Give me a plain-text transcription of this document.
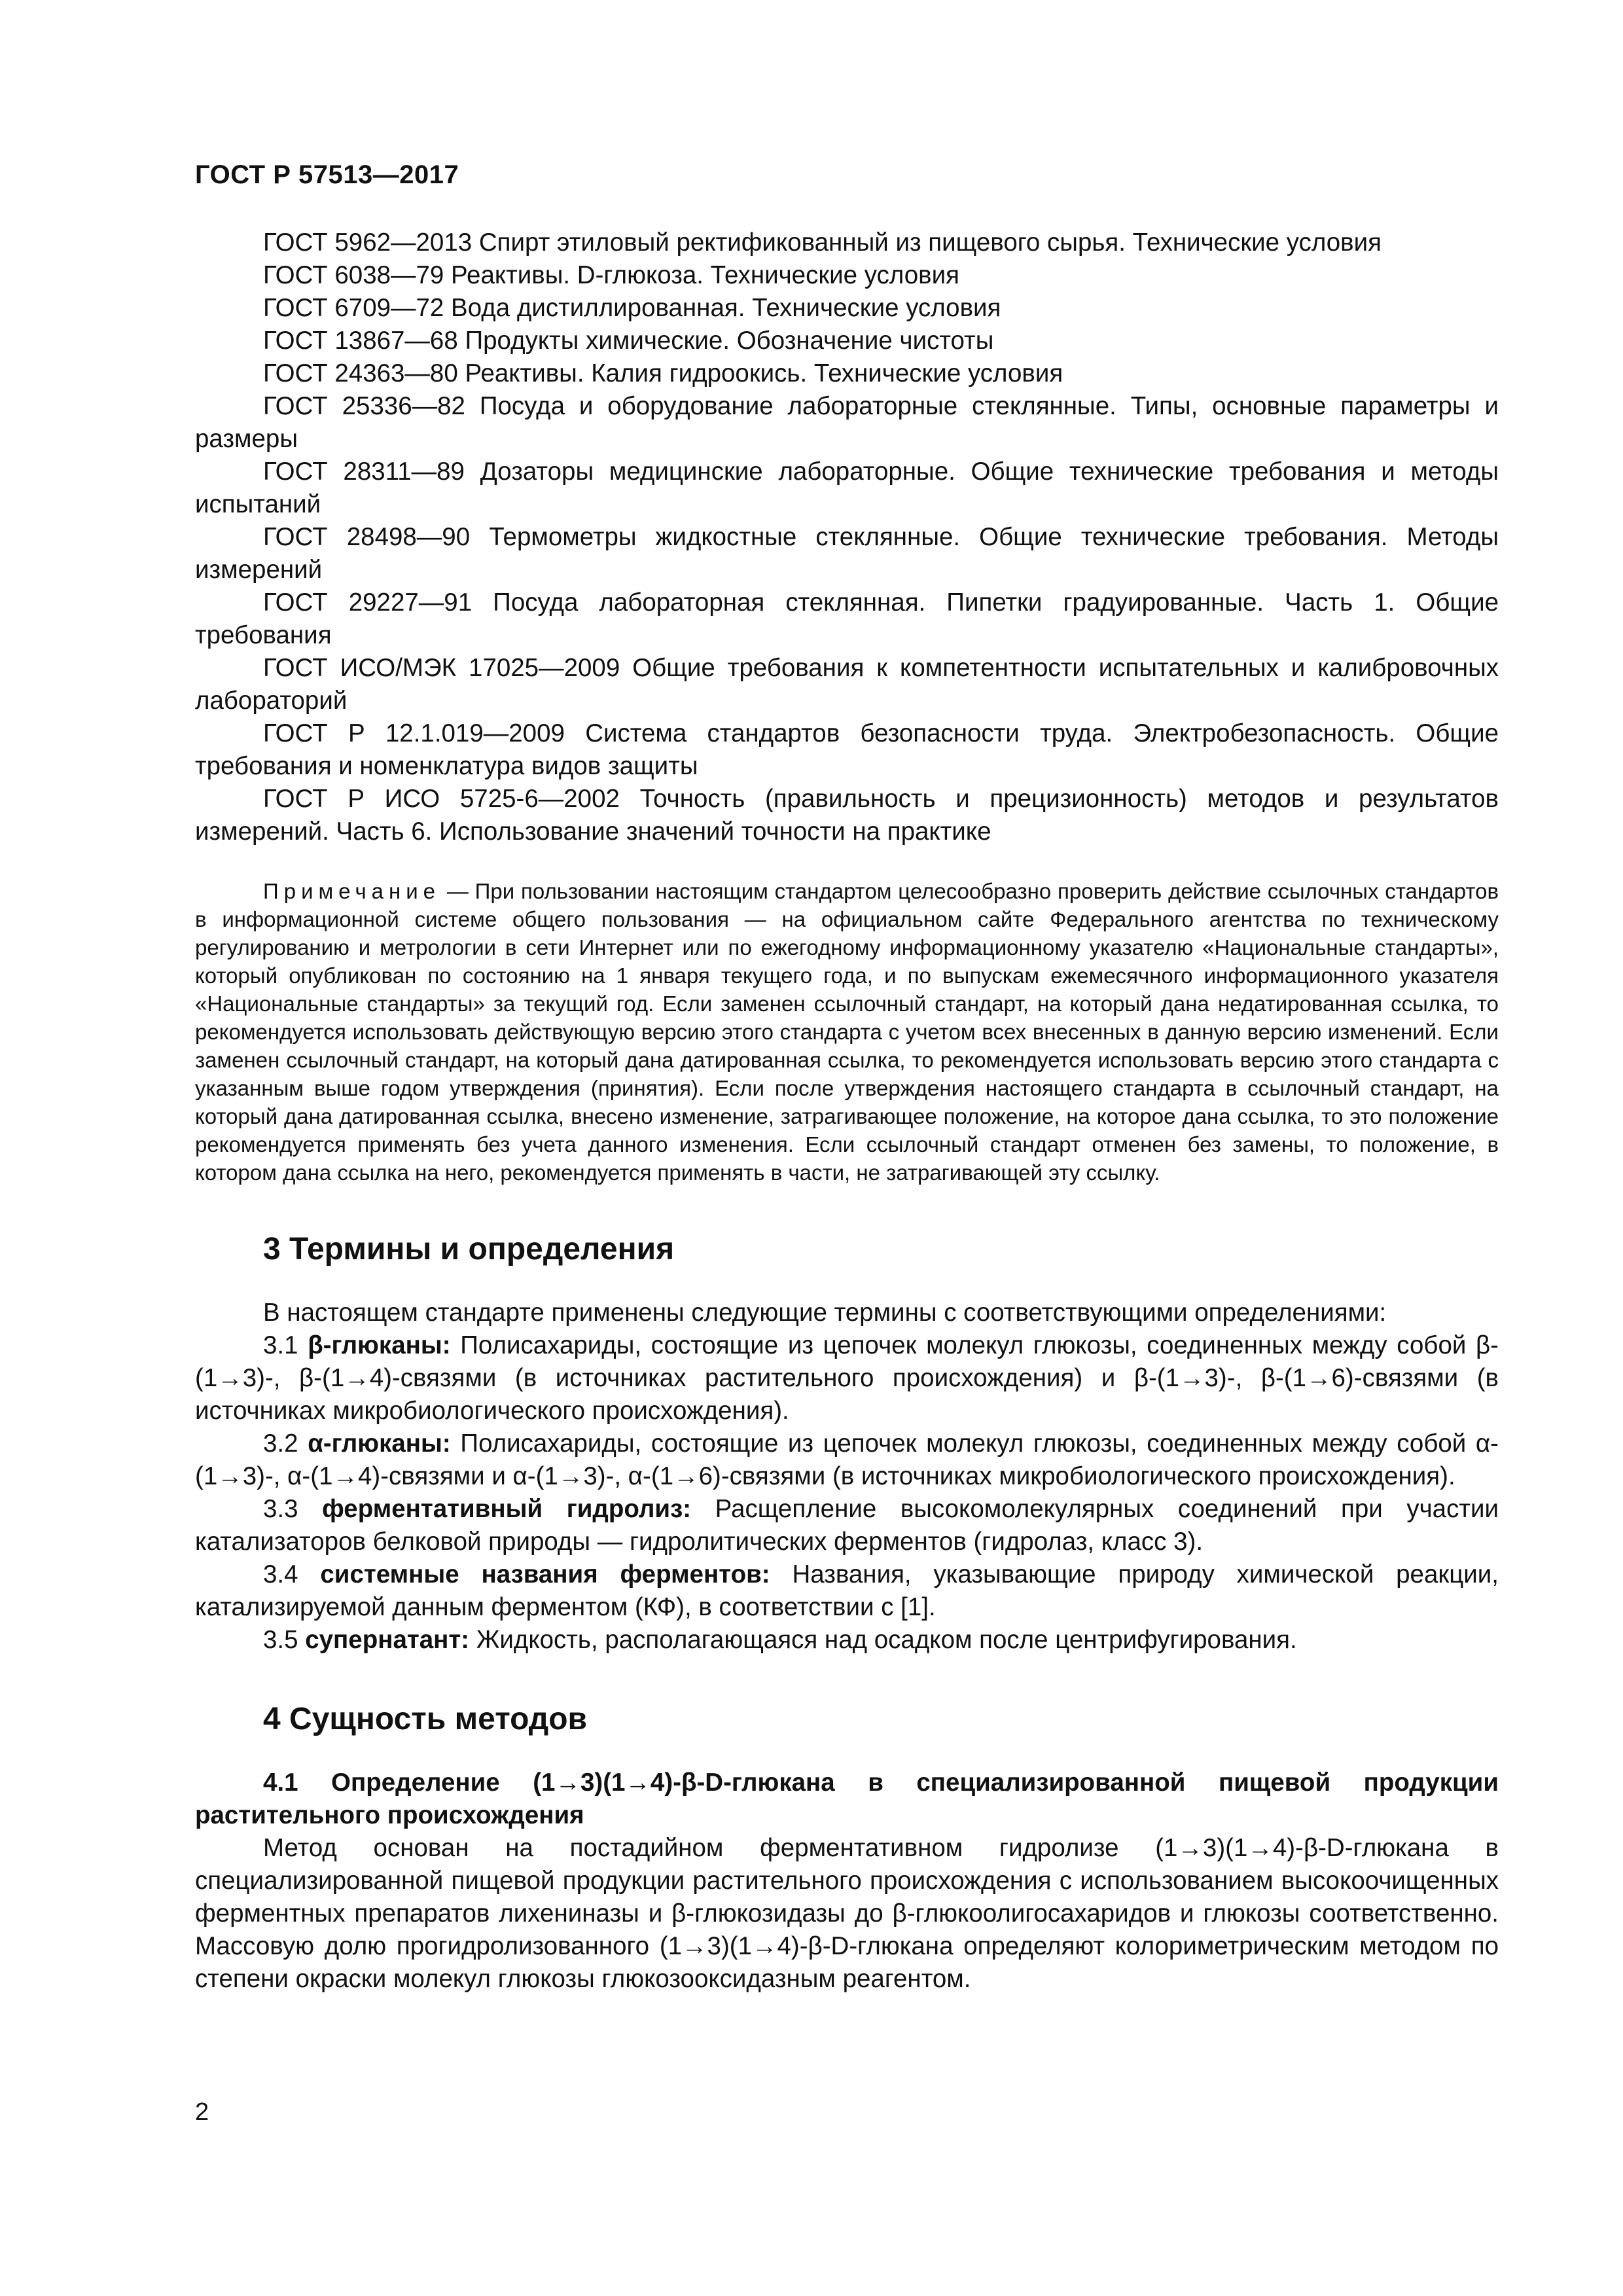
ГОСТ Р 57513—2017

ГОСТ 5962—2013 Спирт этиловый ректификованный из пищевого сырья. Технические условия

ГОСТ 6038—79 Реактивы. D-глюкоза. Технические условия

ГОСТ 6709—72 Вода дистиллированная. Технические условия

ГОСТ 13867—68 Продукты химические. Обозначение чистоты

ГОСТ 24363—80 Реактивы. Калия гидроокись. Технические условия

ГОСТ 25336—82 Посуда и оборудование лабораторные стеклянные. Типы, основные параметры и размеры

ГОСТ 28311—89 Дозаторы медицинские лабораторные. Общие технические требования и методы испытаний

ГОСТ 28498—90 Термометры жидкостные стеклянные. Общие технические требования. Методы измерений

ГОСТ 29227—91 Посуда лабораторная стеклянная. Пипетки градуированные. Часть 1. Общие требования

ГОСТ ИСО/МЭК 17025—2009 Общие требования к компетентности испытательных и калибровочных лабораторий

ГОСТ Р 12.1.019—2009 Система стандартов безопасности труда. Электробезопасность. Общие требования и номенклатура видов защиты

ГОСТ Р ИСО 5725-6—2002 Точность (правильность и прецизионность) методов и результатов измерений. Часть 6. Использование значений точности на практике

Примечание — При пользовании настоящим стандартом целесообразно проверить действие ссылочных стандартов в информационной системе общего пользования — на официальном сайте Федерального агентства по техническому регулированию и метрологии в сети Интернет или по ежегодному информационному указателю «Национальные стандарты», который опубликован по состоянию на 1 января текущего года, и по выпускам ежемесячного информационного указателя «Национальные стандарты» за текущий год. Если заменен ссылочный стандарт, на который дана недатированная ссылка, то рекомендуется использовать действующую версию этого стандарта с учетом всех внесенных в данную версию изменений. Если заменен ссылочный стандарт, на который дана датированная ссылка, то рекомендуется использовать версию этого стандарта с указанным выше годом утверждения (принятия). Если после утверждения настоящего стандарта в ссылочный стандарт, на который дана датированная ссылка, внесено изменение, затрагивающее положение, на которое дана ссылка, то это положение рекомендуется применять без учета данного изменения. Если ссылочный стандарт отменен без замены, то положение, в котором дана ссылка на него, рекомендуется применять в части, не затрагивающей эту ссылку.

3 Термины и определения

В настоящем стандарте применены следующие термины с соответствующими определениями:

3.1 β-глюканы: Полисахариды, состоящие из цепочек молекул глюкозы, соединенных между собой β-(1→3)-, β-(1→4)-связями (в источниках растительного происхождения) и β-(1→3)-, β-(1→6)-связями (в источниках микробиологического происхождения).

3.2 α-глюканы: Полисахариды, состоящие из цепочек молекул глюкозы, соединенных между собой α-(1→3)-, α-(1→4)-связями и α-(1→3)-, α-(1→6)-связями (в источниках микробиологического происхождения).

3.3 ферментативный гидролиз: Расщепление высокомолекулярных соединений при участии катализаторов белковой природы — гидролитических ферментов (гидролаз, класс 3).

3.4 системные названия ферментов: Названия, указывающие природу химической реакции, катализируемой данным ферментом (КФ), в соответствии с [1].

3.5 супернатант: Жидкость, располагающаяся над осадком после центрифугирования.

4 Сущность методов

4.1 Определение (1→3)(1→4)-β-D-глюкана в специализированной пищевой продукции растительного происхождения

Метод основан на постадийном ферментативном гидролизе (1→3)(1→4)-β-D-глюкана в специализированной пищевой продукции растительного происхождения с использованием высокоочищенных ферментных препаратов лихениназы и β-глюкозидазы до β-глюкоолигосахаридов и глюкозы соответственно. Массовую долю прогидролизованного (1→3)(1→4)-β-D-глюкана определяют колориметрическим методом по степени окраски молекул глюкозы глюкозооксидазным реагентом.

2
